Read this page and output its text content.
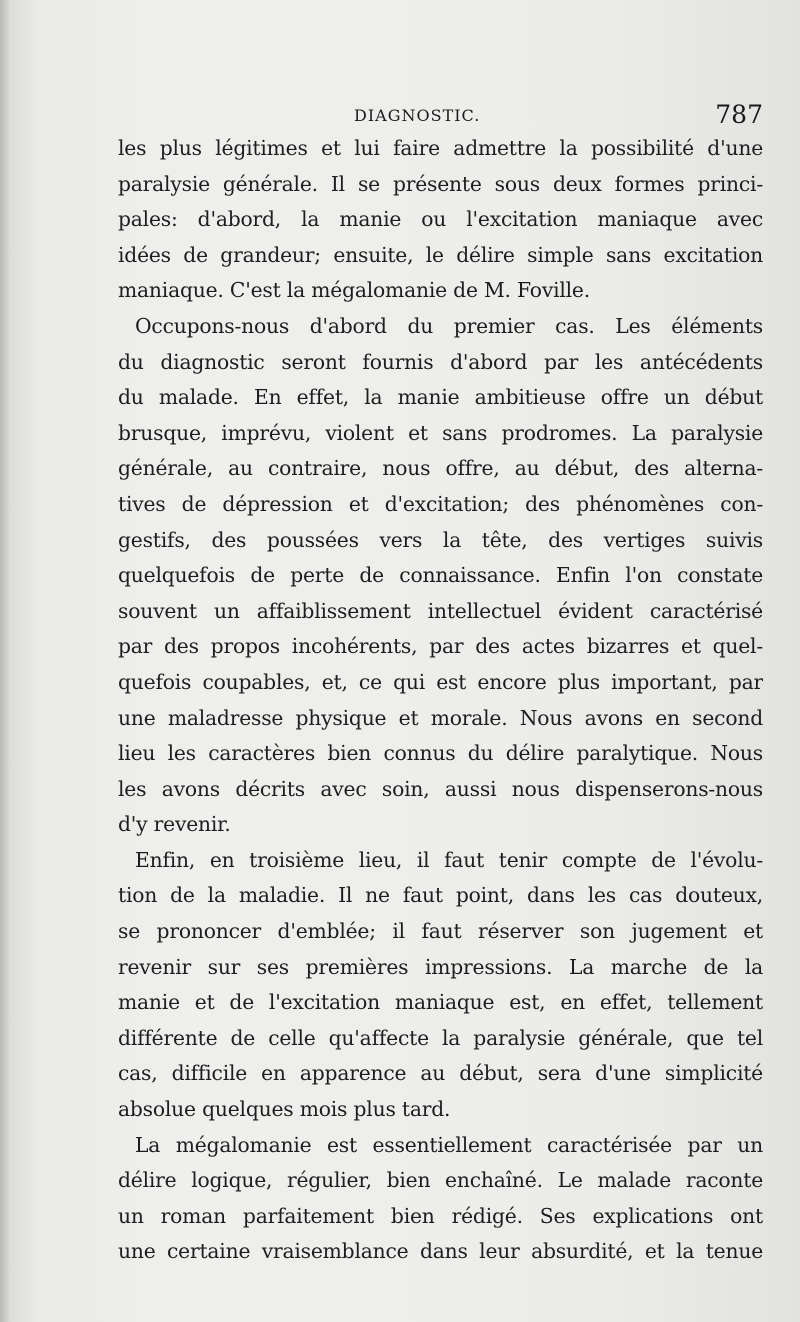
DIAGNOSTIC.	787
les plus légitimes et lui faire admettre la possibilité d'une
paralysie générale. Il se présente sous deux formes princi-
pales: d'abord, la manie ou l'excitation maniaque avec
idées de grandeur; ensuite, le délire simple sans excitation
maniaque. C'est la mégalomanie de M. Foville.
Occupons-nous d'abord du premier cas. Les éléments
du diagnostic seront fournis d'abord par les antécédents
du malade. En effet, la manie ambitieuse offre un début
brusque, imprévu, violent et sans prodromes. La paralysie
générale, au contraire, nous offre, au début, des alterna-
tives de dépression et d'excitation; des phénomènes con-
gestifs, des poussées vers la tête, des vertiges suivis
quelquefois de perte de connaissance. Enfin l'on constate
souvent un affaiblissement intellectuel évident caractérisé
par des propos incohérents, par des actes bizarres et quel-
quefois coupables, et, ce qui est encore plus important, par
une maladresse physique et morale. Nous avons en second
lieu les caractères bien connus du délire paralytique. Nous
les avons décrits avec soin, aussi nous dispenserons-nous
d'y revenir.
Enfin, en troisième lieu, il faut tenir compte de l'évolu-
tion de la maladie. Il ne faut point, dans les cas douteux,
se prononcer d'emblée; il faut réserver son jugement et
revenir sur ses premières impressions. La marche de la
manie et de l'excitation maniaque est, en effet, tellement
différente de celle qu'affecte la paralysie générale, que tel
cas, difficile en apparence au début, sera d'une simplicité
absolue quelques mois plus tard.
La mégalomanie est essentiellement caractérisée par un
délire logique, régulier, bien enchaîné. Le malade raconte
un roman parfaitement bien rédigé. Ses explications ont
une certaine vraisemblance dans leur absurdité, et la tenue
